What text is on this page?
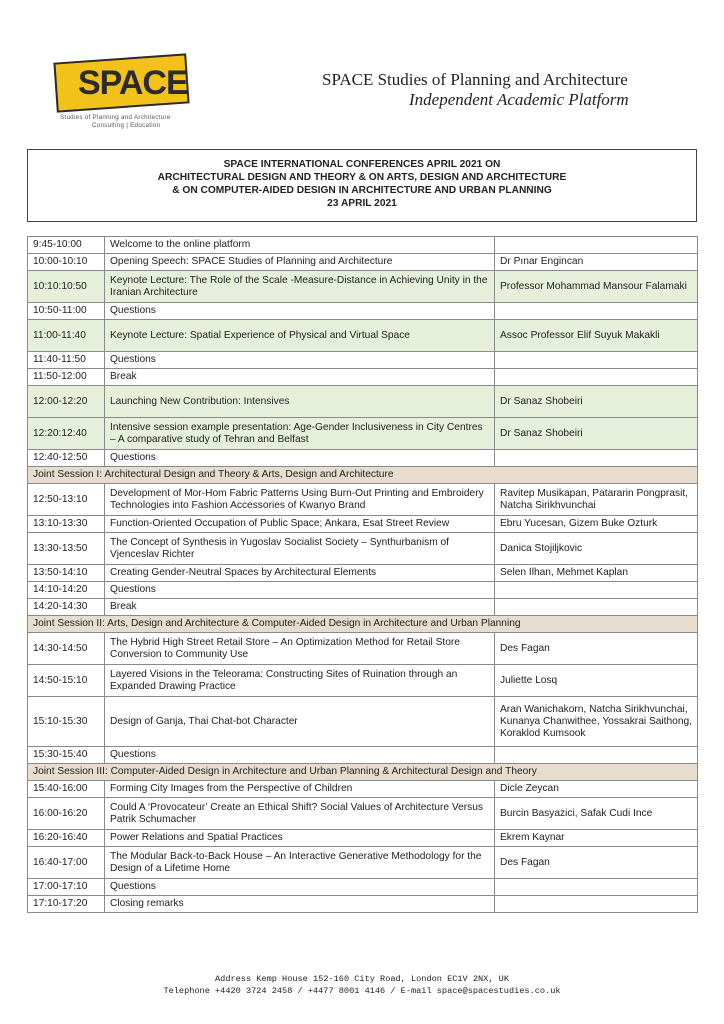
SPACE
Studies of Planning and Architecture
Consulting | Education
SPACE Studies of Planning and Architecture
Independent Academic Platform
SPACE INTERNATIONAL CONFERENCES APRIL 2021 ON
ARCHITECTURAL DESIGN AND THEORY & ON ARTS, DESIGN AND ARCHITECTURE
& ON COMPUTER-AIDED DESIGN IN ARCHITECTURE AND URBAN PLANNING
23 APRIL 2021
9:45-10:00	Welcome to the online platform	
10:00-10:10	Opening Speech: SPACE Studies of Planning and Architecture	Dr Pınar Engincan
10:10:10:50	Keynote Lecture: The Role of the Scale -Measure-Distance in Achieving Unity in the Iranian Architecture	Professor Mohammad Mansour Falamaki
10:50-11:00	Questions	
11:00-11:40	Keynote Lecture: Spatial Experience of Physical and Virtual Space	Assoc Professor Elif Suyuk Makakli
11:40-11:50	Questions	
11:50-12:00	Break	
12:00-12:20	Launching New Contribution: Intensives	Dr Sanaz Shobeiri
12:20:12:40	Intensive session example presentation: Age-Gender Inclusiveness in City Centres – A comparative study of Tehran and Belfast	Dr Sanaz Shobeiri
12:40-12:50	Questions	
Joint Session I: Architectural Design and Theory & Arts, Design and Architecture		
12:50-13:10	Development of Mor-Hom Fabric Patterns Using Burn-Out Printing and Embroidery Technologies into Fashion Accessories of Kwanyo Brand	Ravitep Musikapan, Patararin Pongprasit, Natcha Sirikhvunchai
13:10-13:30	Function-Oriented Occupation of Public Space; Ankara, Esat Street Review	Ebru Yucesan, Gizem Buke Ozturk
13:30-13:50	The Concept of Synthesis in Yugoslav Socialist Society – Synthurbanism of Vjenceslav Richter	Danica Stojiljkovic
13:50-14:10	Creating Gender-Neutral Spaces by Architectural Elements	Selen Ilhan, Mehmet Kaplan
14:10-14:20	Questions	
14:20-14:30	Break	
Joint Session II: Arts, Design and Architecture & Computer-Aided Design in Architecture and Urban Planning		
14:30-14:50	The Hybrid High Street Retail Store – An Optimization Method for Retail Store Conversion to Community Use	Des Fagan
14:50-15:10	Layered Visions in the Teleorama: Constructing Sites of Ruination through an Expanded Drawing Practice	Juliette Losq
15:10-15:30	Design of Ganja, Thai Chat-bot Character	Aran Wanichakorn, Natcha Sirikhvunchai, Kunanya Chanwithee, Yossakrai Saithong, Koraklod Kumsook
15:30-15:40	Questions	
Joint Session III: Computer-Aided Design in Architecture and Urban Planning & Architectural Design and Theory		
15:40-16:00	Forming City Images from the Perspective of Children	Dicle Zeycan
16:00-16:20	Could A ‘Provocateur’ Create an Ethical Shift? Social Values of Architecture Versus Patrik Schumacher	Burcin Basyazici, Safak Cudi Ince
16:20-16:40	Power Relations and Spatial Practices	Ekrem Kaynar
16:40-17:00	The Modular Back-to-Back House – An Interactive Generative Methodology for the Design of a Lifetime Home	Des Fagan
17:00-17:10	Questions	
17:10-17:20	Closing remarks	
Address Kemp House 152-160 City Road, London EC1V 2NX, UK
Telephone +4420 3724 2458 / +4477 8001 4146 / E-mail space@spacestudies.co.uk
